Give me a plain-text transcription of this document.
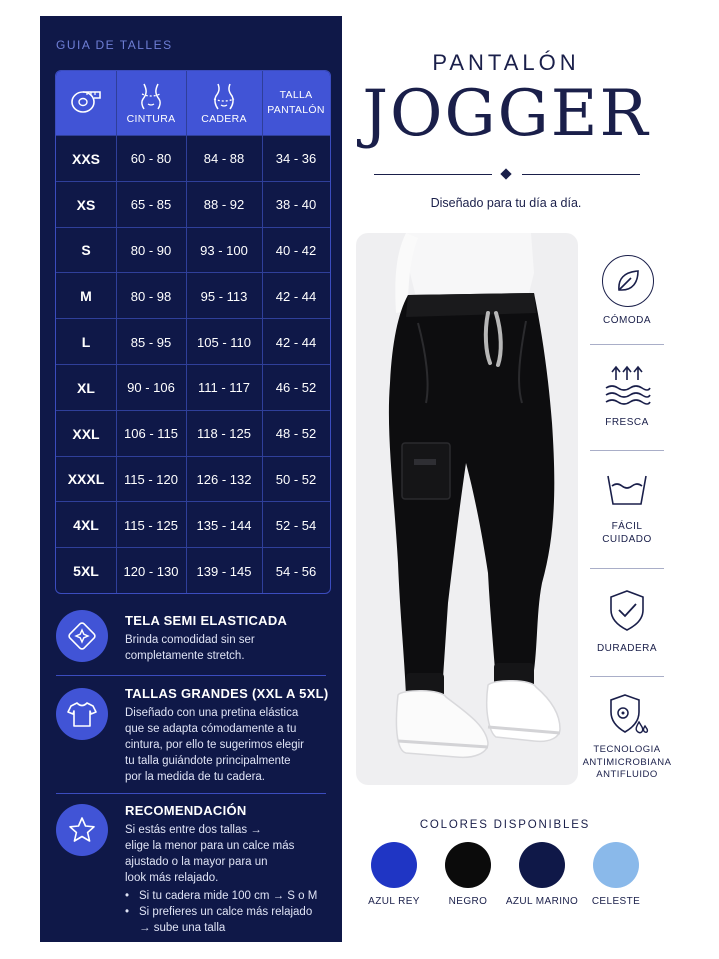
GUIA DE TALLES
CINTURA CADERA
TALLA
PANTALÓN
XXS	60 - 80	84 - 88	34 - 36
XS	65 - 85	88 - 92	38 - 40
S	80 - 90	93 - 100	40 - 42
M	80 - 98	95 - 113	42 - 44
L	85 - 95	105 - 110	42 - 44
XL	90 - 106	111 - 117	46 - 52
XXL	106 - 115	118 - 125	48 - 52
XXXL	115 - 120	126 - 132	50 - 52
4XL	115 - 125	135 - 144	52 - 54
5XL	120 - 130	139 - 145	54 - 56
TELA SEMI ELASTICADA
Brinda comodidad sin ser
completamente stretch.
TALLAS GRANDES (XXL A 5XL)
Diseñado con una pretina elástica
que se adapta cómodamente a tu
cintura, por ello te sugerimos elegir
tu talla guiándote principalmente
por la medida de tu cadera.
RECOMENDACIÓN
Si estás entre dos tallas →
elige la menor para un calce más
ajustado o la mayor para un
look más relajado.
• Si tu cadera mide 100 cm → S o M
• Si prefieres un calce más relajado
→ sube una talla
PANTALÓN
JOGGER
Diseñado para tu día a día.
CÓMODA
FRESCA
FÁCIL
CUIDADO
DURADERA
TECNOLOGIA
ANTIMICROBIANA
ANTIFLUIDO
COLORES DISPONIBLES
AZUL REY	NEGRO	AZUL MARINO	CELESTE
